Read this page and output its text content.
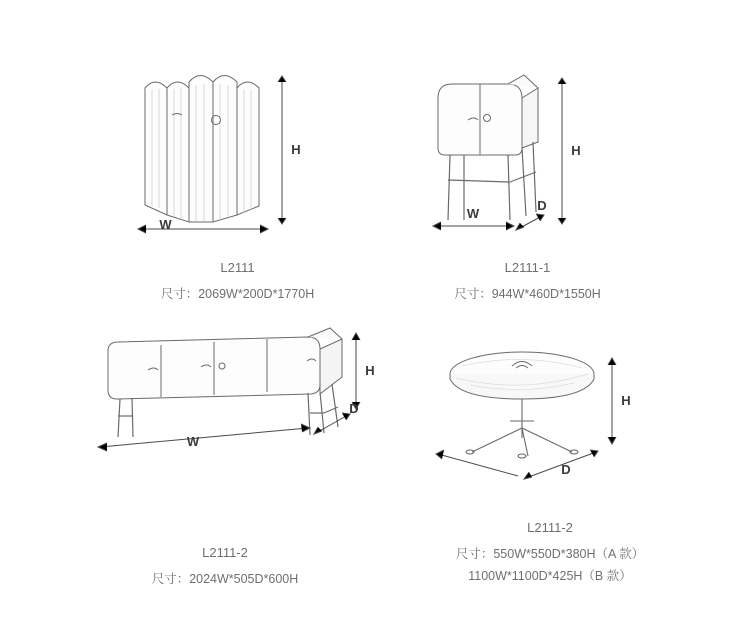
H
W
L2111
尺寸：2069W*200D*1770H
H
W
D
L2111-1
尺寸：944W*460D*1550H
H
D
W
L2111-2
尺寸：2024W*505D*600H
H
D
L2111-2
尺寸：550W*550D*380H（A 款）
1100W*1100D*425H（B 款）
